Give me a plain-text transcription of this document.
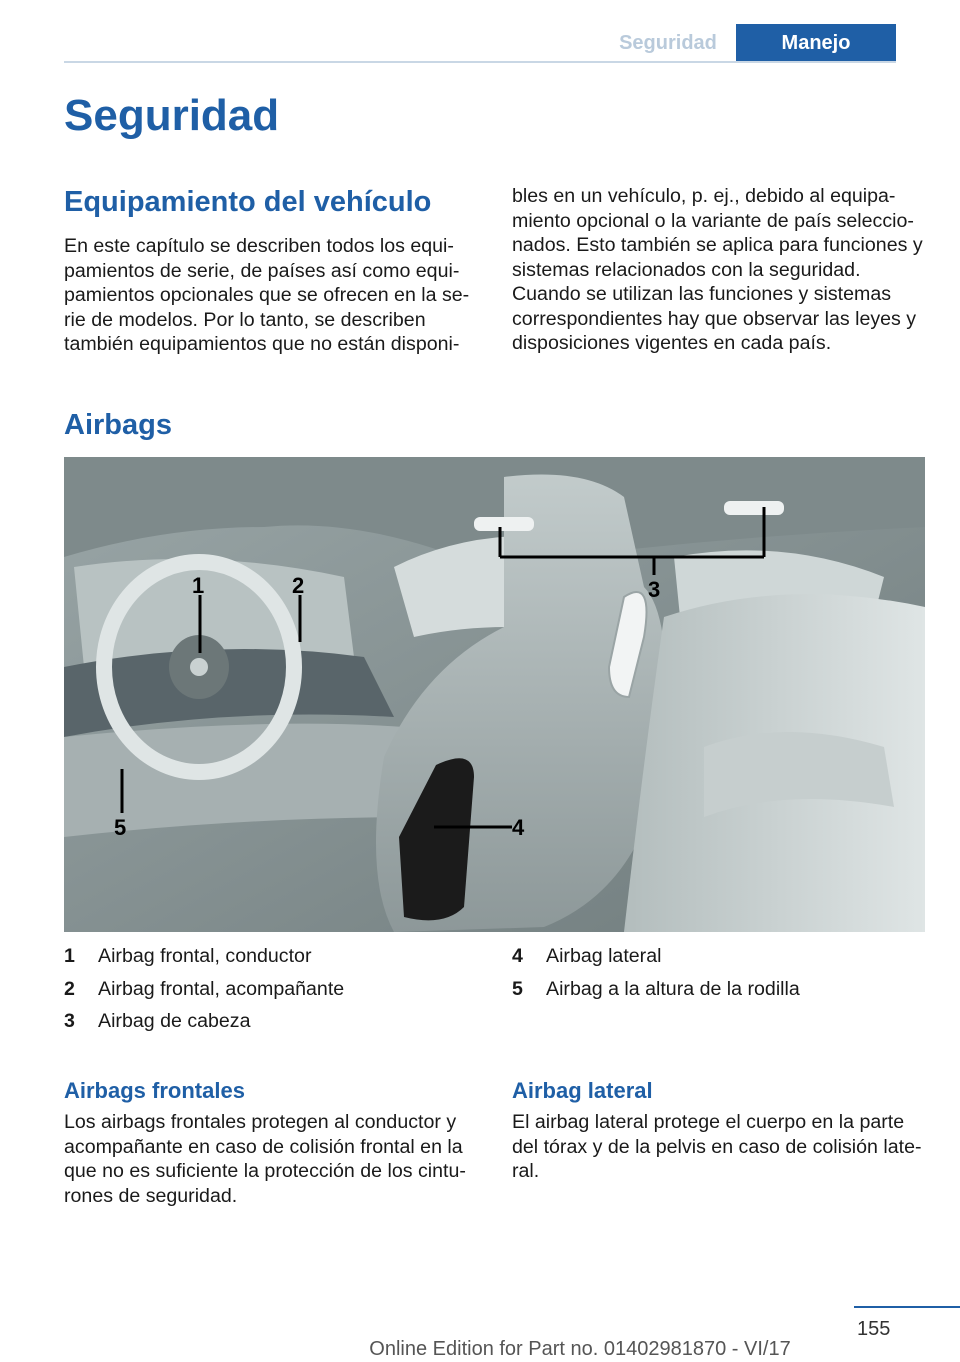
Seguridad	Manejo
Seguridad
Equipamiento del vehículo

En este capítulo se describen todos los equi‐
pamientos de serie, de países así como equi‐
pamientos opcionales que se ofrecen en la se‐
rie de modelos. Por lo tanto, se describen
también equipamientos que no están disponi‐

bles en un vehículo, p. ej., debido al equipa‐
miento opcional o la variante de país seleccio‐
nados. Esto también se aplica para funciones y
sistemas relacionados con la seguridad.
Cuando se utilizan las funciones y sistemas
correspondientes hay que observar las leyes y
disposiciones vigentes en cada país.

Airbags
1	2	3
4
5
1	Airbag frontal, conductor
2	Airbag frontal, acompañante
3	Airbag de cabeza
4	Airbag lateral
5	Airbag a la altura de la rodilla
Airbags frontales

Los airbags frontales protegen al conductor y
acompañante en caso de colisión frontal en la
que no es suficiente la protección de los cintu‐
rones de seguridad.

Airbag lateral

El airbag lateral protege el cuerpo en la parte
del tórax y de la pelvis en caso de colisión late‐
ral.

155
Online Edition for Part no. 01402981870 - VI/17
